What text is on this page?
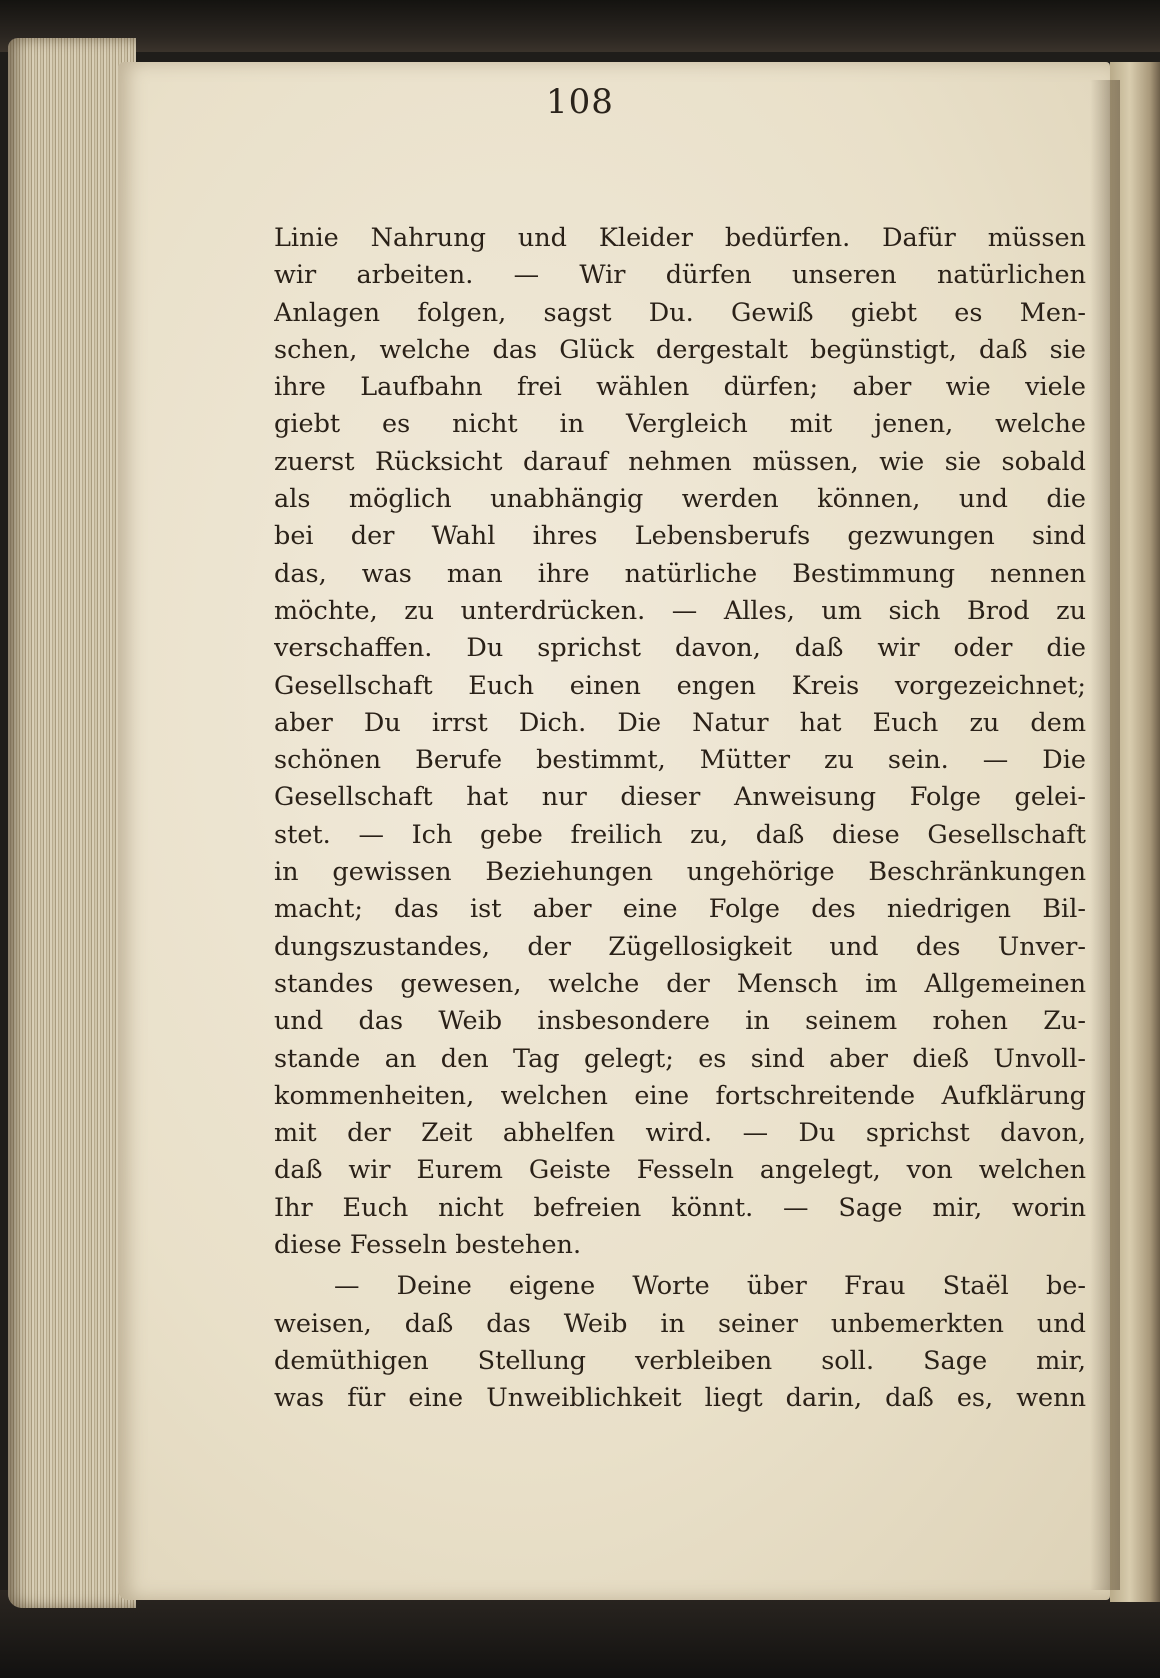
108
Linie Nahrung und Kleider bedürfen. Dafür müssen
wir arbeiten. — Wir dürfen unseren natürlichen
Anlagen folgen, sagst Du. Gewiß giebt es Men-
schen, welche das Glück dergestalt begünstigt, daß sie
ihre Laufbahn frei wählen dürfen; aber wie viele
giebt es nicht in Vergleich mit jenen, welche
zuerst Rücksicht darauf nehmen müssen, wie sie sobald
als möglich unabhängig werden können, und die
bei der Wahl ihres Lebensberufs gezwungen sind
das, was man ihre natürliche Bestimmung nennen
möchte, zu unterdrücken. — Alles, um sich Brod zu
verschaffen. Du sprichst davon, daß wir oder die
Gesellschaft Euch einen engen Kreis vorgezeichnet;
aber Du irrst Dich. Die Natur hat Euch zu dem
schönen Berufe bestimmt, Mütter zu sein. — Die
Gesellschaft hat nur dieser Anweisung Folge gelei-
stet. — Ich gebe freilich zu, daß diese Gesellschaft
in gewissen Beziehungen ungehörige Beschränkungen
macht; das ist aber eine Folge des niedrigen Bil-
dungszustandes, der Zügellosigkeit und des Unver-
standes gewesen, welche der Mensch im Allgemeinen
und das Weib insbesondere in seinem rohen Zu-
stande an den Tag gelegt; es sind aber dieß Unvoll-
kommenheiten, welchen eine fortschreitende Aufklärung
mit der Zeit abhelfen wird. — Du sprichst davon,
daß wir Eurem Geiste Fesseln angelegt, von welchen
Ihr Euch nicht befreien könnt. — Sage mir, worin
diese Fesseln bestehen.
— Deine eigene Worte über Frau Staël be-
weisen, daß das Weib in seiner unbemerkten und
demüthigen Stellung verbleiben soll. Sage mir,
was für eine Unweiblichkeit liegt darin, daß es, wenn
